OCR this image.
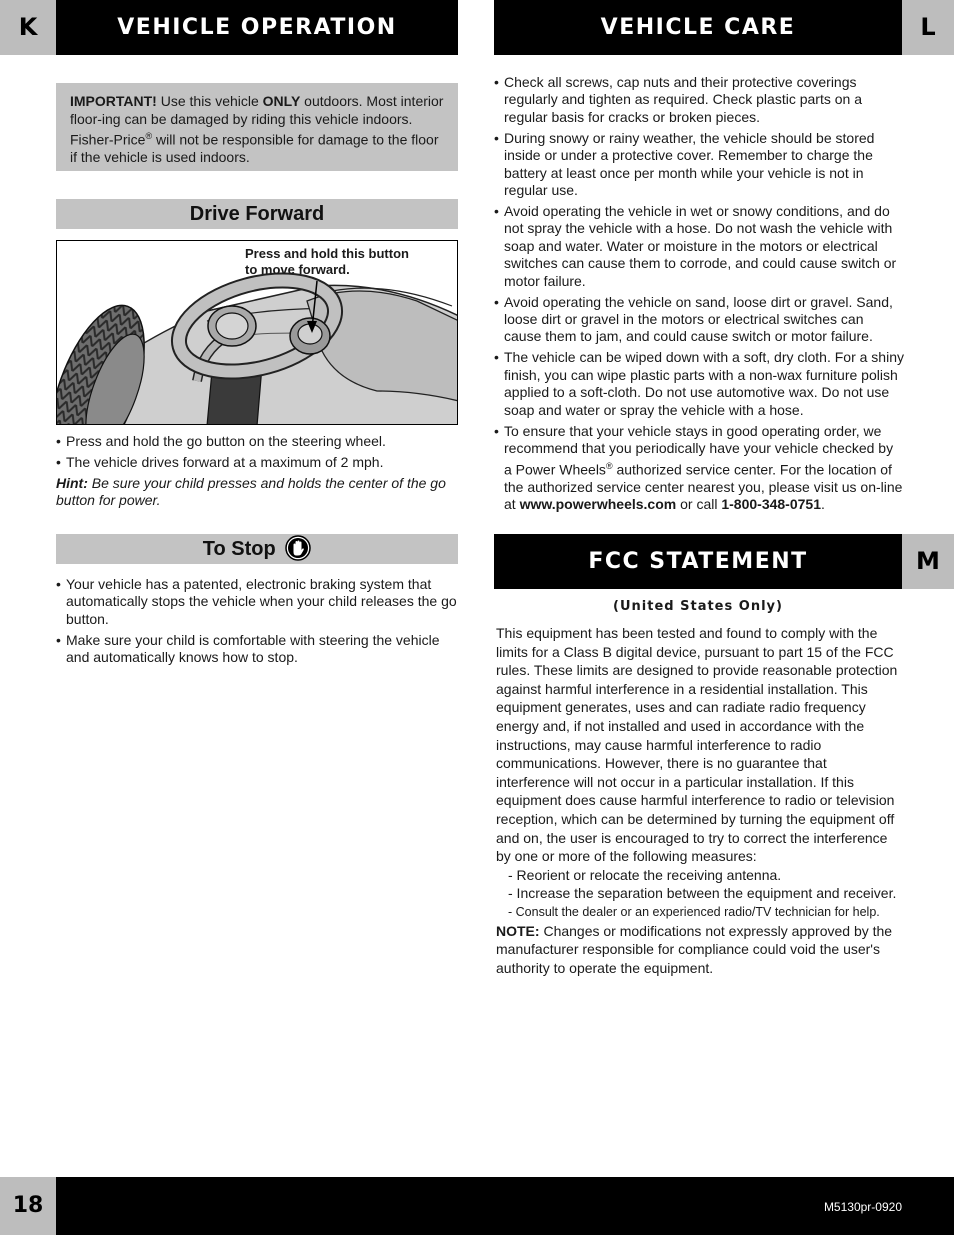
K	VEHICLE OPERATION	VEHICLE CARE	L
IMPORTANT! Use this vehicle ONLY outdoors. Most interior floor-ing can be damaged by riding this vehicle indoors. Fisher-Price® will not be responsible for damage to the floor if the vehicle is used indoors.
Drive Forward
Press and hold this button
to move forward.
• Press and hold the go button on the steering wheel.
• The vehicle drives forward at a maximum of 2 mph.
Hint: Be sure your child presses and holds the center of the go button for power.
To Stop
• Your vehicle has a patented, electronic braking system that automatically stops the vehicle when your child releases the go button.
• Make sure your child is comfortable with steering the vehicle and automatically knows how to stop.
• Check all screws, cap nuts and their protective coverings regularly and tighten as required. Check plastic parts on a regular basis for cracks or broken pieces.
• During snowy or rainy weather, the vehicle should be stored inside or under a protective cover. Remember to charge the battery at least once per month while your vehicle is not in regular use.
• Avoid operating the vehicle in wet or snowy conditions, and do not spray the vehicle with a hose. Do not wash the vehicle with soap and water. Water or moisture in the motors or electrical switches can cause them to corrode, and could cause switch or motor failure.
• Avoid operating the vehicle on sand, loose dirt or gravel. Sand, loose dirt or gravel in the motors or electrical switches can cause them to jam, and could cause switch or motor failure.
• The vehicle can be wiped down with a soft, dry cloth. For a shiny finish, you can wipe plastic parts with a non-wax furniture polish applied to a soft-cloth. Do not use automotive wax. Do not use soap and water or spray the vehicle with a hose.
• To ensure that your vehicle stays in good operating order, we recommend that you periodically have your vehicle checked by a Power Wheels® authorized service center. For the location of the authorized service center nearest you, please visit us on-line at www.powerwheels.com or call 1-800-348-0751.
FCC STATEMENT	M
(United States Only)
This equipment has been tested and found to comply with the limits for a Class B digital device, pursuant to part 15 of the FCC rules. These limits are designed to provide reasonable protection against harmful interference in a residential installation. This equipment generates, uses and can radiate radio frequency energy and, if not installed and used in accordance with the instructions, may cause harmful interference to radio communications. However, there is no guarantee that interference will not occur in a particular installation. If this equipment does cause harmful interference to radio or television reception, which can be determined by turning the equipment off and on, the user is encouraged to try to correct the interference by one or more of the following measures:
- Reorient or relocate the receiving antenna.
- Increase the separation between the equipment and receiver.
- Consult the dealer or an experienced radio/TV technician for help.
NOTE: Changes or modifications not expressly approved by the manufacturer responsible for compliance could void the user's authority to operate the equipment.
18	M5130pr-0920
